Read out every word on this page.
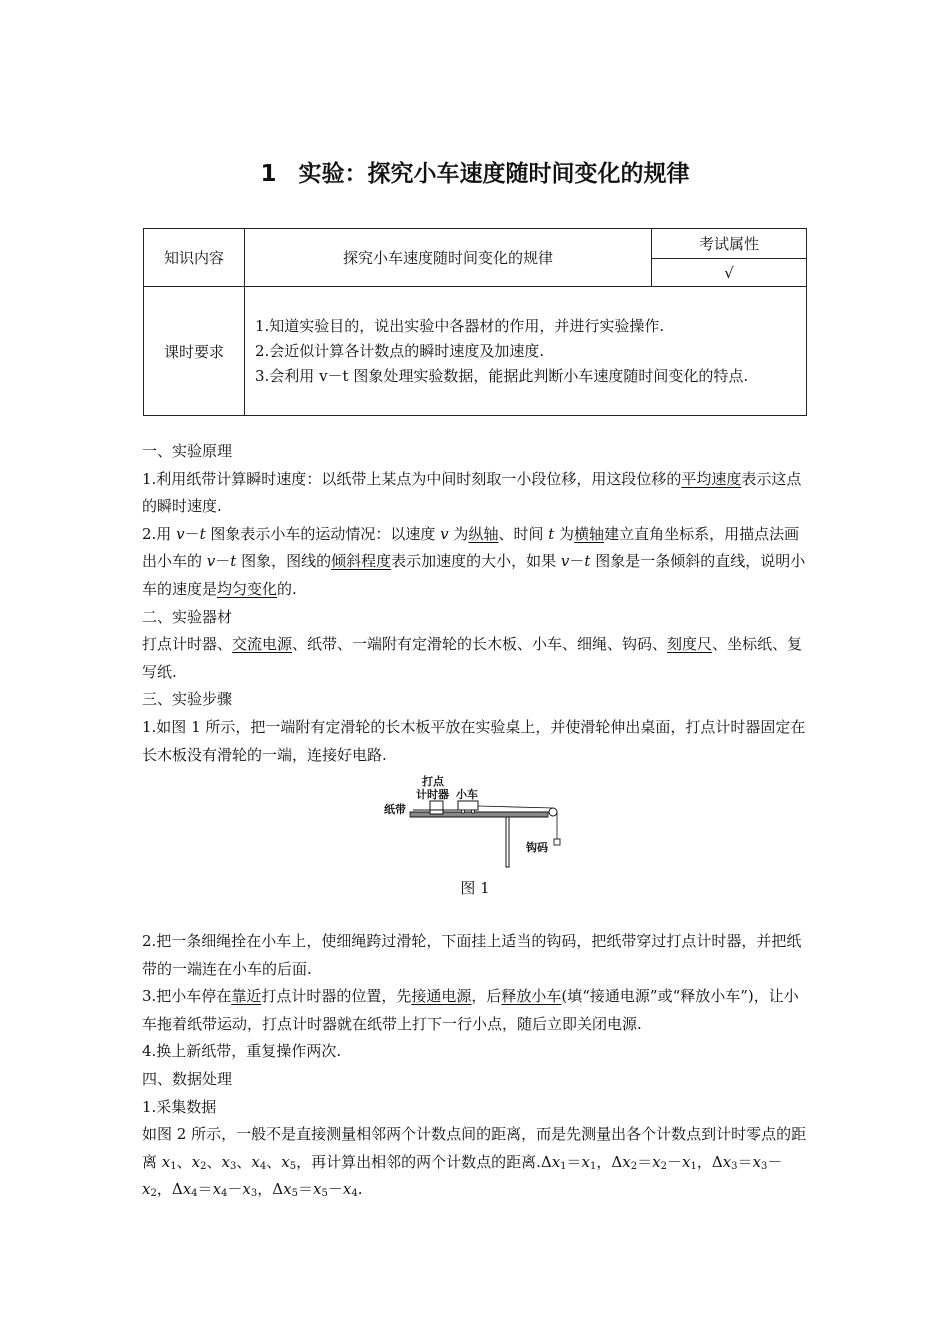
1 实验：探究小车速度随时间变化的规律
知识内容	探究小车速度随时间变化的规律	考试属性
		√
课时要求	1.知道实验目的，说出实验中各器材的作用，并进行实验操作.
2.会近似计算各计数点的瞬时速度及加速度.
3.会利用 v－t 图象处理实验数据，能据此判断小车速度随时间变化的特点.	

一、实验原理

1.利用纸带计算瞬时速度：以纸带上某点为中间时刻取一小段位移，用这段位移的平均速度表示这点的瞬时速度.

2.用 v－t 图象表示小车的运动情况：以速度 v 为纵轴、时间 t 为横轴建立直角坐标系，用描点法画出小车的 v－t 图象，图线的倾斜程度表示加速度的大小，如果 v－t 图象是一条倾斜的直线，说明小车的速度是均匀变化的.

二、实验器材

打点计时器、交流电源、纸带、一端附有定滑轮的长木板、小车、细绳、钩码、刻度尺、坐标纸、复写纸.

三、实验步骤

1.如图 1 所示，把一端附有定滑轮的长木板平放在实验桌上，并使滑轮伸出桌面，打点计时器固定在长木板没有滑轮的一端，连接好电路.

打点
计时器 小车
纸带
钩码
图 1

2.把一条细绳拴在小车上，使细绳跨过滑轮，下面挂上适当的钩码，把纸带穿过打点计时器，并把纸带的一端连在小车的后面.

3.把小车停在靠近打点计时器的位置，先接通电源，后释放小车(填“接通电源”或“释放小车”)，让小车拖着纸带运动，打点计时器就在纸带上打下一行小点，随后立即关闭电源.

4.换上新纸带，重复操作两次.

四、数据处理

1.采集数据

如图 2 所示，一般不是直接测量相邻两个计数点间的距离，而是先测量出各个计数点到计时零点的距离 $x_1$、$x_2$、$x_3$、$x_4$、$x_5$，再计算出相邻的两个计数点的距离$.\Delta x_1=x_1$，$\Delta x_2=x_2-x_1$，$\Delta x_3=x_3-x_2$，$\Delta x_4=x_4-x_3$，$\Delta x_5=x_5-x_4$.
